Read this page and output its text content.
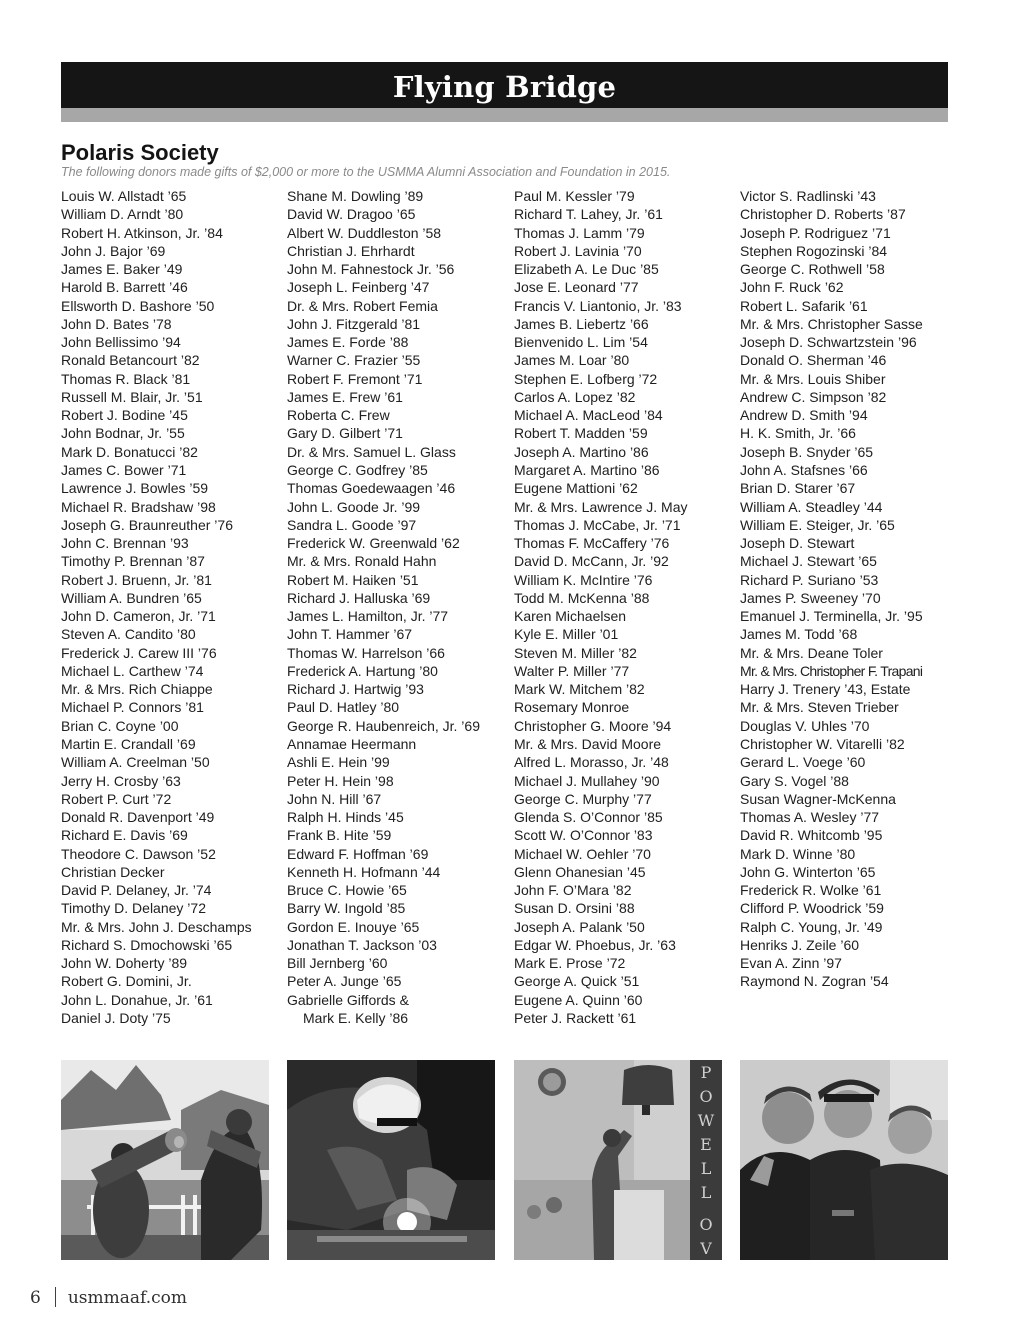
Flying Bridge
Polaris Society
The following donors made gifts of $2,000 or more to the USMMA Alumni Association and Foundation in 2015.
Louis W. Allstadt ’65
William D. Arndt ’80
Robert H. Atkinson, Jr. ’84
John J. Bajor ’69
James E. Baker ’49
Harold B. Barrett ’46
Ellsworth D. Bashore ’50
John D. Bates ’78
John Bellissimo ’94
Ronald Betancourt ’82
Thomas R. Black ’81
Russell M. Blair, Jr. ’51
Robert J. Bodine ’45
John Bodnar, Jr. ’55
Mark D. Bonatucci ’82
James C. Bower ’71
Lawrence J. Bowles ’59
Michael R. Bradshaw ’98
Joseph G. Braunreuther ’76
John C. Brennan ’93
Timothy P. Brennan ’87
Robert J. Bruenn, Jr. ’81
William A. Bundren ’65
John D. Cameron, Jr. ’71
Steven A. Candito ’80
Frederick J. Carew III ’76
Michael L. Carthew ’74
Mr. & Mrs. Rich Chiappe
Michael P. Connors ’81
Brian C. Coyne ’00
Martin E. Crandall ’69
William A. Creelman ’50
Jerry H. Crosby ’63
Robert P. Curt ’72
Donald R. Davenport ’49
Richard E. Davis ’69
Theodore C. Dawson ’52
Christian Decker
David P. Delaney, Jr. ’74
Timothy D. Delaney ’72
Mr. & Mrs. John J. Deschamps
Richard S. Dmochowski ’65
John W. Doherty ’89
Robert G. Domini, Jr.
John L. Donahue, Jr. ’61
Daniel J. Doty ’75
Shane M. Dowling ’89
David W. Dragoo ’65
Albert W. Duddleston ’58
Christian J. Ehrhardt
John M. Fahnestock Jr. ’56
Joseph L. Feinberg ’47
Dr. & Mrs. Robert Femia
John J. Fitzgerald ’81
James E. Forde ’88
Warner C. Frazier ’55
Robert F. Fremont ’71
James E. Frew ’61
Roberta C. Frew
Gary D. Gilbert ’71
Dr. & Mrs. Samuel L. Glass
George C. Godfrey ’85
Thomas Goedewaagen ’46
John L. Goode Jr. ’99
Sandra L. Goode ’97
Frederick W. Greenwald ’62
Mr. & Mrs. Ronald Hahn
Robert M. Haiken ’51
Richard J. Halluska ’69
James L. Hamilton, Jr. ’77
John T. Hammer ’67
Thomas W. Harrelson ’66
Frederick A. Hartung ’80
Richard J. Hartwig ’93
Paul D. Hatley ’80
George R. Haubenreich, Jr. ’69
Annamae Heermann
Ashli E. Hein ’99
Peter H. Hein ’98
John N. Hill ’67
Ralph H. Hinds ’45
Frank B. Hite ’59
Edward F. Hoffman ’69
Kenneth H. Hofmann ’44
Bruce C. Howie ’65
Barry W. Ingold ’85
Gordon E. Inouye ’65
Jonathan T. Jackson ’03
Bill Jernberg ’60
Peter A. Junge ’65
Gabrielle Giffords &
Mark E. Kelly ’86
Paul M. Kessler ’79
Richard T. Lahey, Jr. ’61
Thomas J. Lamm ’79
Robert J. Lavinia ’70
Elizabeth A. Le Duc ’85
Jose E. Leonard ’77
Francis V. Liantonio, Jr. ’83
James B. Liebertz ’66
Bienvenido L. Lim ’54
James M. Loar ’80
Stephen E. Lofberg ’72
Carlos A. Lopez ’82
Michael A. MacLeod ’84
Robert T. Madden ’59
Joseph A. Martino ’86
Margaret A. Martino ’86
Eugene Mattioni ’62
Mr. & Mrs. Lawrence J. May
Thomas J. McCabe, Jr. ’71
Thomas F. McCaffery ’76
David D. McCann, Jr. ’92
William K. McIntire ’76
Todd M. McKenna ’88
Karen Michaelsen
Kyle E. Miller ’01
Steven M. Miller ’82
Walter P. Miller ’77
Mark W. Mitchem ’82
Rosemary Monroe
Christopher G. Moore ’94
Mr. & Mrs. David Moore
Alfred L. Morasso, Jr. ’48
Michael J. Mullahey ’90
George C. Murphy ’77
Glenda S. O’Connor ’85
Scott W. O’Connor ’83
Michael W. Oehler ’70
Glenn Ohanesian ’45
John F. O’Mara ’82
Susan D. Orsini ’88
Joseph A. Palank ’50
Edgar W. Phoebus, Jr. ’63
Mark E. Prose ’72
George A. Quick ’51
Eugene A. Quinn ’60
Peter J. Rackett ’61
Victor S. Radlinski ’43
Christopher D. Roberts ’87
Joseph P. Rodriguez ’71
Stephen Rogozinski ’84
George C. Rothwell ’58
John F. Ruck ’62
Robert L. Safarik ’61
Mr. & Mrs. Christopher Sasse
Joseph D. Schwartzstein ’96
Donald O. Sherman ’46
Mr. & Mrs. Louis Shiber
Andrew C. Simpson ’82
Andrew D. Smith ’94
H. K. Smith, Jr. ’66
Joseph B. Snyder ’65
John A. Stafsnes ’66
Brian D. Starer ’67
William A. Steadley ’44
William E. Steiger, Jr. ’65
Joseph D. Stewart
Michael J. Stewart ’65
Richard P. Suriano ’53
James P. Sweeney ’70
Emanuel J. Terminella, Jr. ’95
James M. Todd ’68
Mr. & Mrs. Deane Toler
Mr. & Mrs. Christopher F. Trapani
Harry J. Trenery ’43, Estate
Mr. & Mrs. Steven Trieber
Douglas V. Uhles ’70
Christopher W. Vitarelli ’82
Gerard L. Voege ’60
Gary S. Vogel ’88
Susan Wagner-McKenna
Thomas A. Wesley ’77
David R. Whitcomb ’95
Mark D. Winne ’80
John G. Winterton ’65
Frederick R. Wolke ’61
Clifford P. Woodrick ’59
Ralph C. Young, Jr. ’49
Henriks J. Zeile ’60
Evan A. Zinn ’97
Raymond N. Zogran ’54
P
O
W
E
L
L
O
V
6 usmmaaf.com
